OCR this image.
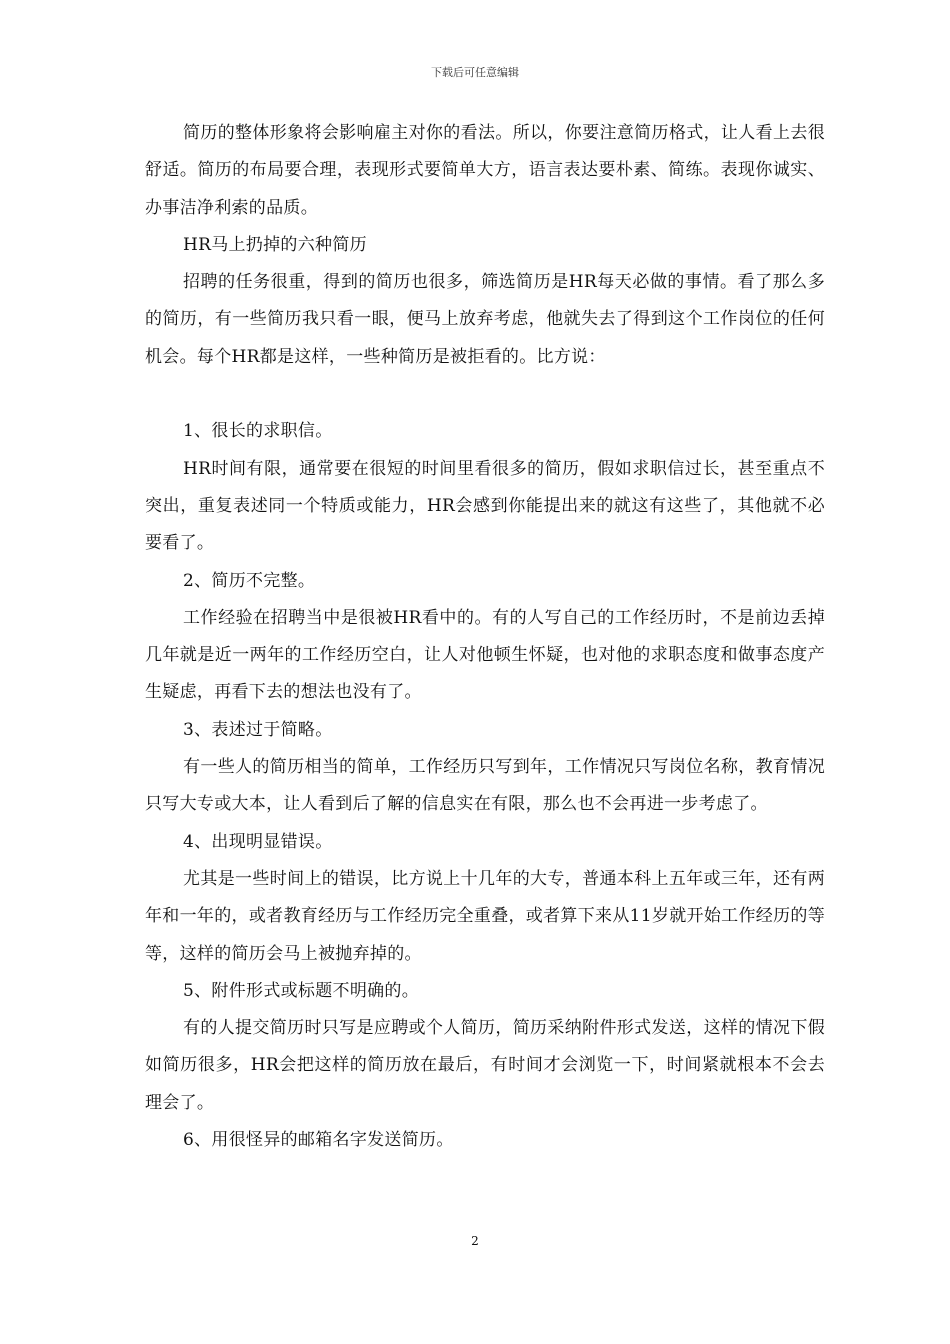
下载后可任意编辑

简历的整体形象将会影响雇主对你的看法。所以，你要注意简历格式，让人看上去很舒适。简历的布局要合理，表现形式要简单大方，语言表达要朴素、简练。表现你诚实、办事洁净利索的品质。

HR马上扔掉的六种简历

招聘的任务很重，得到的简历也很多，筛选简历是HR每天必做的事情。看了那么多的简历，有一些简历我只看一眼，便马上放弃考虑，他就失去了得到这个工作岗位的任何机会。每个HR都是这样，一些种简历是被拒看的。比方说：

1、很长的求职信。

HR时间有限，通常要在很短的时间里看很多的简历，假如求职信过长，甚至重点不突出，重复表述同一个特质或能力，HR会感到你能提出来的就这有这些了，其他就不必要看了。

2、简历不完整。

工作经验在招聘当中是很被HR看中的。有的人写自己的工作经历时，不是前边丢掉几年就是近一两年的工作经历空白，让人对他顿生怀疑，也对他的求职态度和做事态度产生疑虑，再看下去的想法也没有了。

3、表述过于简略。

有一些人的简历相当的简单，工作经历只写到年，工作情况只写岗位名称，教育情况只写大专或大本，让人看到后了解的信息实在有限，那么也不会再进一步考虑了。

4、出现明显错误。

尤其是一些时间上的错误，比方说上十几年的大专，普通本科上五年或三年，还有两年和一年的，或者教育经历与工作经历完全重叠，或者算下来从11岁就开始工作经历的等等，这样的简历会马上被抛弃掉的。

5、附件形式或标题不明确的。

有的人提交简历时只写是应聘或个人简历，简历采纳附件形式发送，这样的情况下假如简历很多，HR会把这样的简历放在最后，有时间才会浏览一下，时间紧就根本不会去理会了。

6、用很怪异的邮箱名字发送简历。

2
